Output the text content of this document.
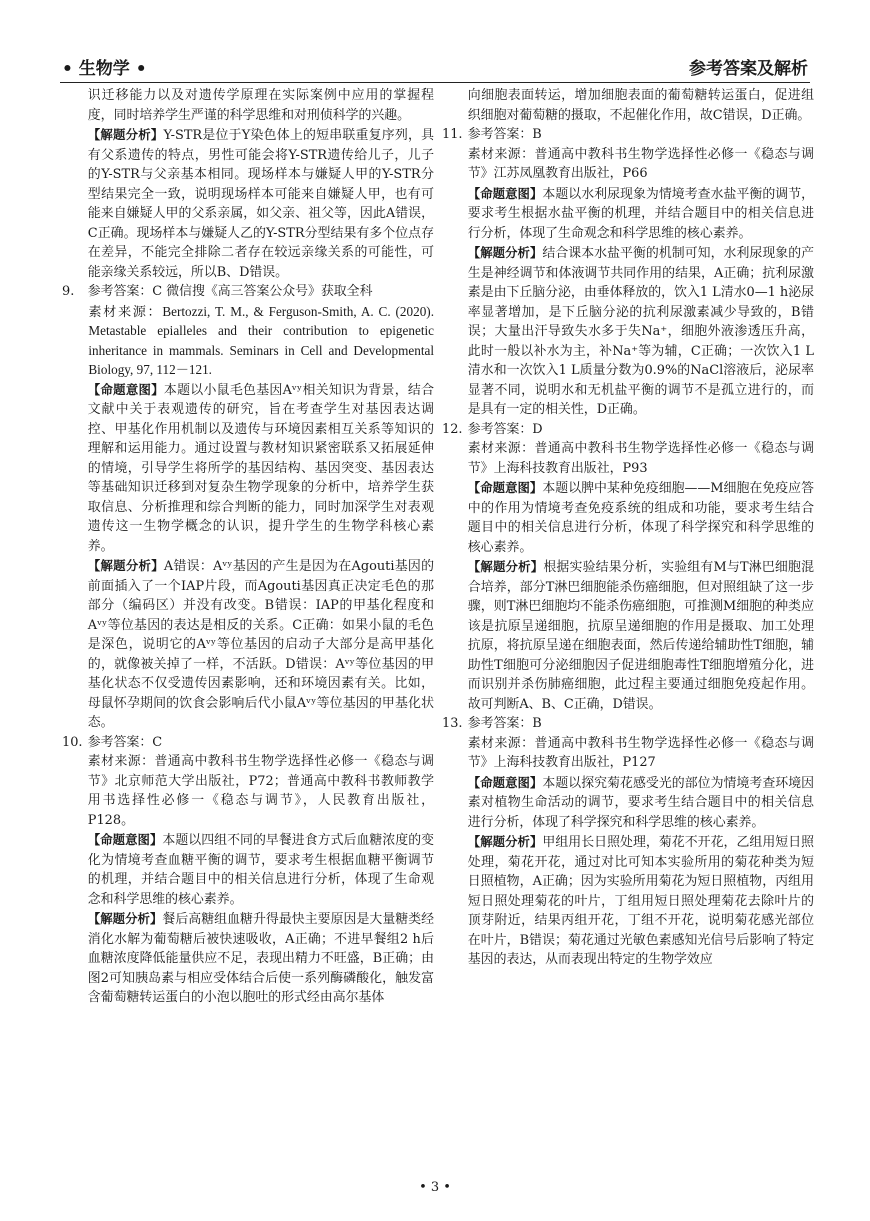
• 生物学 •	参考答案及解析

识迁移能力以及对遗传学原理在实际案例中应用的掌握程度，同时培养学生严谨的科学思维和对刑侦科学的兴趣。

【解题分析】Y-STR是位于Y染色体上的短串联重复序列，具有父系遗传的特点，男性可能会将Y-STR遗传给儿子，儿子的Y-STR与父亲基本相同。现场样本与嫌疑人甲的Y-STR分型结果完全一致，说明现场样本可能来自嫌疑人甲，也有可能来自嫌疑人甲的父系亲属，如父亲、祖父等，因此A错误，C正确。现场样本与嫌疑人乙的Y-STR分型结果有多个位点存在差异，不能完全排除二者存在较远亲缘关系的可能性，可能亲缘关系较远，所以B、D错误。

9. 参考答案：C 微信搜《高三答案公众号》获取全科

素材来源：Bertozzi, T. M., & Ferguson-Smith, A. C. (2020). Metastable epialleles and their contribution to epigenetic inheritance in mammals. Seminars in Cell and Developmental Biology, 97, 112－121.

【命题意图】本题以小鼠毛色基因Aᵛʸ相关知识为背景，结合文献中关于表观遗传的研究，旨在考查学生对基因表达调控、甲基化作用机制以及遗传与环境因素相互关系等知识的理解和运用能力。通过设置与教材知识紧密联系又拓展延伸的情境，引导学生将所学的基因结构、基因突变、基因表达等基础知识迁移到对复杂生物学现象的分析中，培养学生获取信息、分析推理和综合判断的能力，同时加深学生对表观遗传这一生物学概念的认识，提升学生的生物学科核心素养。

【解题分析】A错误：Aᵛʸ基因的产生是因为在Agouti基因的前面插入了一个IAP片段，而Agouti基因真正决定毛色的那部分（编码区）并没有改变。B错误：IAP的甲基化程度和Aᵛʸ等位基因的表达是相反的关系。C正确：如果小鼠的毛色是深色，说明它的Aᵛʸ等位基因的启动子大部分是高甲基化的，就像被关掉了一样，不活跃。D错误：Aᵛʸ等位基因的甲基化状态不仅受遗传因素影响，还和环境因素有关。比如，母鼠怀孕期间的饮食会影响后代小鼠Aᵛʸ等位基因的甲基化状态。

10. 参考答案：C

素材来源：普通高中教科书生物学选择性必修一《稳态与调节》北京师范大学出版社，P72；普通高中教科书教师教学用书选择性必修一《稳态与调节》，人民教育出版社，P128。

【命题意图】本题以四组不同的早餐进食方式后血糖浓度的变化为情境考查血糖平衡的调节，要求考生根据血糖平衡调节的机理，并结合题目中的相关信息进行分析，体现了生命观念和科学思维的核心素养。

【解题分析】餐后高糖组血糖升得最快主要原因是大量糖类经消化水解为葡萄糖后被快速吸收，A正确；不进早餐组2 h后血糖浓度降低能量供应不足，表现出精力不旺盛，B正确；由图2可知胰岛素与相应受体结合后使一系列酶磷酸化，触发富含葡萄糖转运蛋白的小泡以胞吐的形式经由高尔基体

向细胞表面转运，增加细胞表面的葡萄糖转运蛋白，促进组织细胞对葡萄糖的摄取，不起催化作用，故C错误，D正确。

11. 参考答案：B

素材来源：普通高中教科书生物学选择性必修一《稳态与调节》江苏凤凰教育出版社，P66

【命题意图】本题以水利尿现象为情境考查水盐平衡的调节，要求考生根据水盐平衡的机理，并结合题目中的相关信息进行分析，体现了生命观念和科学思维的核心素养。

【解题分析】结合课本水盐平衡的机制可知，水利尿现象的产生是神经调节和体液调节共同作用的结果，A正确；抗利尿激素是由下丘脑分泌，由垂体释放的，饮入1 L清水0—1 h泌尿率显著增加，是下丘脑分泌的抗利尿激素减少导致的，B错误；大量出汗导致失水多于失Na⁺，细胞外液渗透压升高，此时一般以补水为主，补Na⁺等为辅，C正确；一次饮入1 L清水和一次饮入1 L质量分数为0.9%的NaCl溶液后，泌尿率显著不同，说明水和无机盐平衡的调节不是孤立进行的，而是具有一定的相关性，D正确。

12. 参考答案：D

素材来源：普通高中教科书生物学选择性必修一《稳态与调节》上海科技教育出版社，P93

【命题意图】本题以脾中某种免疫细胞——M细胞在免疫应答中的作用为情境考查免疫系统的组成和功能，要求考生结合题目中的相关信息进行分析，体现了科学探究和科学思维的核心素养。

【解题分析】根据实验结果分析，实验组有M与T淋巴细胞混合培养，部分T淋巴细胞能杀伤癌细胞，但对照组缺了这一步骤，则T淋巴细胞均不能杀伤癌细胞，可推测M细胞的种类应该是抗原呈递细胞，抗原呈递细胞的作用是摄取、加工处理抗原，将抗原呈递在细胞表面，然后传递给辅助性T细胞，辅助性T细胞可分泌细胞因子促进细胞毒性T细胞增殖分化，进而识别并杀伤肺癌细胞，此过程主要通过细胞免疫起作用。故可判断A、B、C正确，D错误。

13. 参考答案：B

素材来源：普通高中教科书生物学选择性必修一《稳态与调节》上海科技教育出版社，P127

【命题意图】本题以探究菊花感受光的部位为情境考查环境因素对植物生命活动的调节，要求考生结合题目中的相关信息进行分析，体现了科学探究和科学思维的核心素养。

【解题分析】甲组用长日照处理，菊花不开花，乙组用短日照处理，菊花开花，通过对比可知本实验所用的菊花种类为短日照植物，A正确；因为实验所用菊花为短日照植物，丙组用短日照处理菊花的叶片，丁组用短日照处理菊花去除叶片的顶芽附近，结果丙组开花，丁组不开花，说明菊花感光部位在叶片，B错误；菊花通过光敏色素感知光信号后影响了特定基因的表达，从而表现出特定的生物学效应

• 3 •
